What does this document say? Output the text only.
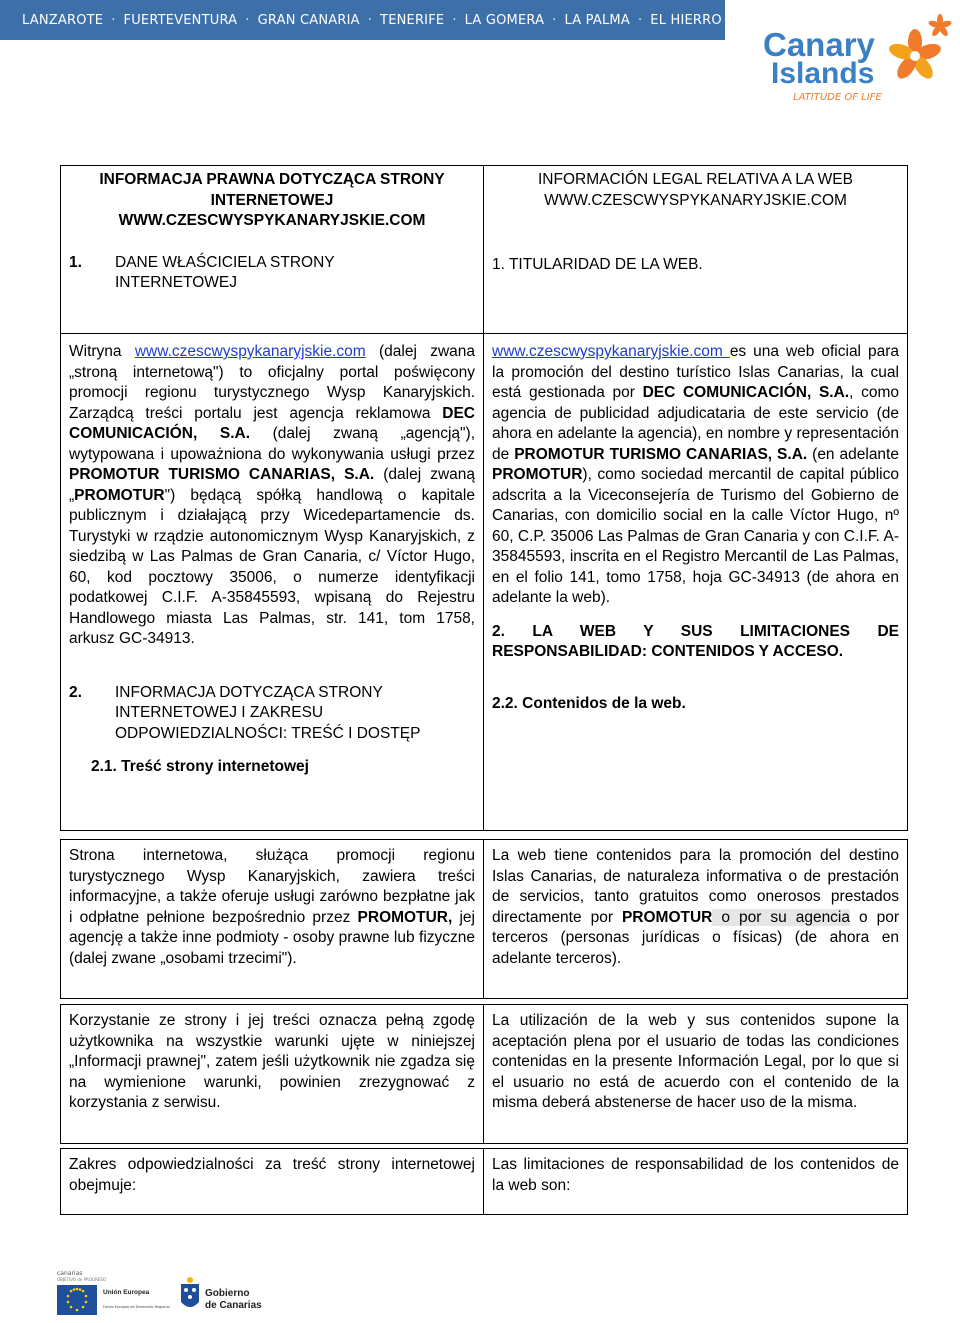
LANZAROTE · FUERTEVENTURA · GRAN CANARIA · TENERIFE · LA GOMERA · LA PALMA · EL HIERRO
Canary
Islands
LATITUDE OF LIFE
INFORMACJA PRAWNA DOTYCZĄCA STRONY
INTERNETOWEJ
WWW.CZESCWYSPYKANARYJSKIE.COM
1.	DANE WŁAŚCICIELA STRONY
INTERNETOWEJ
INFORMACIÓN LEGAL RELATIVA A LA WEB
WWW.CZESCWYSPYKANARYJSKIE.COM
1. TITULARIDAD DE LA WEB.

Witryna www.czescwyspykanaryjskie.com (dalej zwana „stroną internetową") to oficjalny portal poświęcony promocji regionu turystycznego Wysp Kanaryjskich. Zarządcą treści portalu jest agencja reklamowa DEC COMUNICACIÓN, S.A. (dalej zwaną „agencją"), wytypowana i upoważniona do wykonywania usługi przez PROMOTUR TURISMO CANARIAS, S.A. (dalej zwaną „PROMOTUR") będącą spółką handlową o kapitale publicznym i działającą przy Wicedepartamencie ds. Turystyki w rządzie autonomicznym Wysp Kanaryjskich, z siedzibą w Las Palmas de Gran Canaria, c/ Víctor Hugo, 60, kod pocztowy 35006, o numerze identyfikacji podatkowej C.I.F. A-35845593, wpisaną do Rejestru Handlowego miasta Las Palmas, str. 141, tom 1758, arkusz GC-34913.

2.	INFORMACJA DOTYCZĄCA STRONY
INTERNETOWEJ I ZAKRESU
ODPOWIEDZIALNOŚCI: TREŚĆ I DOSTĘP
2.1. Treść strony internetowej

www.czescwyspykanaryjskie.com es una web oficial para la promoción del destino turístico Islas Canarias, la cual está gestionada por DEC COMUNICACIÓN, S.A., como agencia de publicidad adjudicataria de este servicio (de ahora en adelante la agencia), en nombre y representación de PROMOTUR TURISMO CANARIAS, S.A. (en adelante PROMOTUR), como sociedad mercantil de capital público adscrita a la Viceconsejería de Turismo del Gobierno de Canarias, con domicilio social en la calle Víctor Hugo, nº 60, C.P. 35006 Las Palmas de Gran Canaria y con C.I.F. A-35845593, inscrita en el Registro Mercantil de Las Palmas, en el folio 141, tomo 1758, hoja GC-34913 (de ahora en adelante la web).

2. LA WEB Y SUS LIMITACIONES DE RESPONSABILIDAD: CONTENIDOS Y ACCESO.
2.2. Contenidos de la web.

Strona internetowa, służąca promocji regionu turystycznego Wysp Kanaryjskich, zawiera treści informacyjne, a także oferuje usługi zarówno bezpłatne jak i odpłatne pełnione bezpośrednio przez PROMOTUR, jej agencję a także inne podmioty - osoby prawne lub fizyczne (dalej zwane „osobami trzecimi").

La web tiene contenidos para la promoción del destino Islas Canarias, de naturaleza informativa o de prestación de servicios, tanto gratuitos como onerosos prestados directamente por PROMOTUR o por su agencia o por terceros (personas jurídicas o físicas) (de ahora en adelante terceros).

Korzystanie ze strony i jej treści oznacza pełną zgodę użytkownika na wszystkie warunki ujęte w niniejszej „Informacji prawnej", zatem jeśli użytkownik nie zgadza się na wymienione warunki, powinien zrezygnować z korzystania z serwisu.

La utilización de la web y sus contenidos supone la aceptación plena por el usuario de todas las condiciones contenidas en la presente Información Legal, por lo que si el usuario no está de acuerdo con el contenido de la misma deberá abstenerse de hacer uso de la misma.

Zakres odpowiedzialności za treść strony internetowej obejmuje:

Las limitaciones de responsabilidad de los contenidos de la web son:

canarias
OBJETIVO de PROGRESO
Unión Europea
Fondo Europeo de Desarrollo Regional
Gobierno
de Canarias
